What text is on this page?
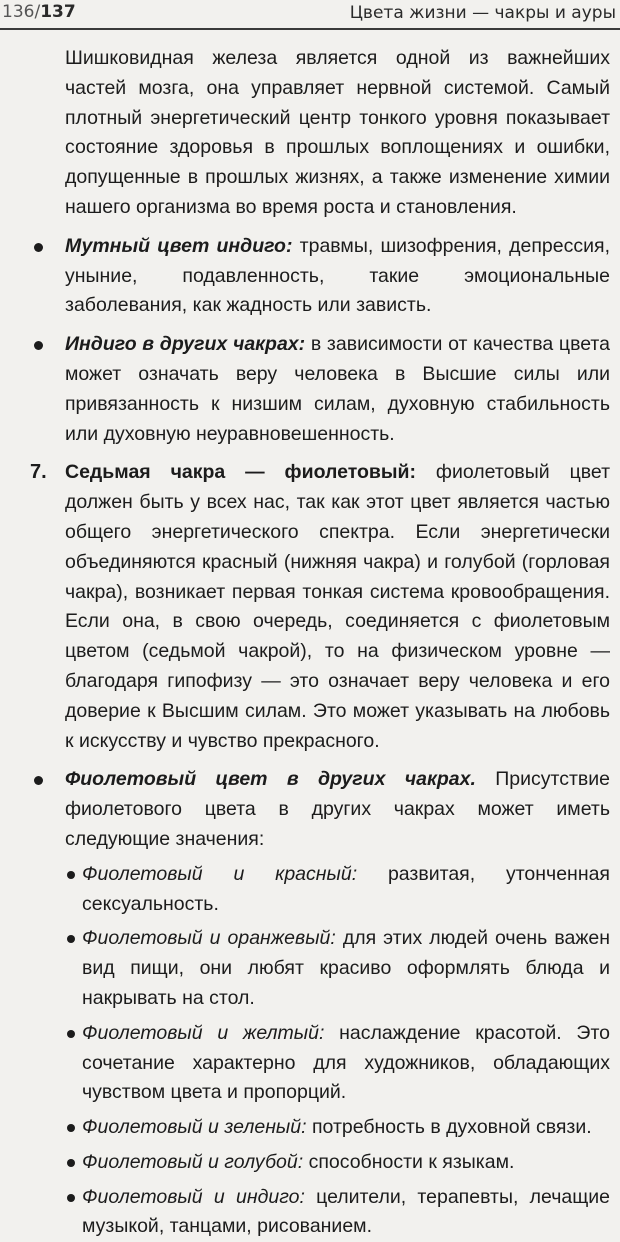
136/137	Цвета жизни — чакры и ауры

Шишковидная железа является одной из важнейших частей мозга, она управляет нервной системой. Самый плотный энергетический центр тонкого уровня показывает состояние здоровья в прошлых воплощениях и ошибки, допущенные в прошлых жизнях, а также изменение химии нашего организма во время роста и становления.

Мутный цвет индиго: травмы, шизофрения, депрессия, уныние, подавленность, такие эмоциональные заболевания, как жадность или зависть.
Индиго в других чакрах: в зависимости от качества цвета может означать веру человека в Высшие силы или привязанность к низшим силам, духовную стабильность или духовную неуравновешенность.
7. Седьмая чакра — фиолетовый: фиолетовый цвет должен быть у всех нас, так как этот цвет является частью общего энергетического спектра. Если энергетически объединяются красный (нижняя чакра) и голубой (горловая чакра), возникает первая тонкая система кровообращения. Если она, в свою очередь, соединяется с фиолетовым цветом (седьмой чакрой), то на физическом уровне — благодаря гипофизу — это означает веру человека и его доверие к Высшим силам. Это может указывать на любовь к искусству и чувство прекрасного.
Фиолетовый цвет в других чакрах. Присутствие фиолетового цвета в других чакрах может иметь следующие значения:
Фиолетовый и красный: развитая, утонченная сексуальность.
Фиолетовый и оранжевый: для этих людей очень важен вид пищи, они любят красиво оформлять блюда и накрывать на стол.
Фиолетовый и желтый: наслаждение красотой. Это сочетание характерно для художников, обладающих чувством цвета и пропорций.
Фиолетовый и зеленый: потребность в духовной связи.
Фиолетовый и голубой: способности к языкам.
Фиолетовый и индиго: целители, терапевты, лечащие музыкой, танцами, рисованием.
